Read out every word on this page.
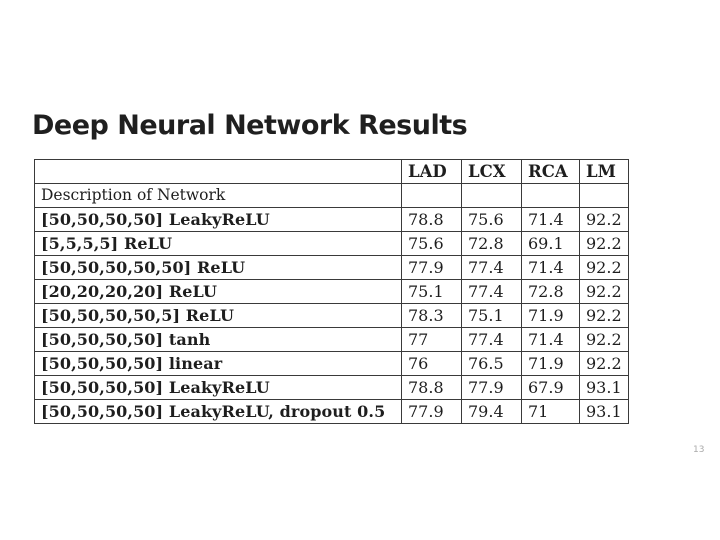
Deep Neural Network Results
	LAD	LCX	RCA	LM
Description of Network				
[50,50,50,50] LeakyReLU	78.8	75.6	71.4	92.2
[5,5,5,5] ReLU	75.6	72.8	69.1	92.2
[50,50,50,50,50] ReLU	77.9	77.4	71.4	92.2
[20,20,20,20] ReLU	75.1	77.4	72.8	92.2
[50,50,50,50,5] ReLU	78.3	75.1	71.9	92.2
[50,50,50,50] tanh	77	77.4	71.4	92.2
[50,50,50,50] linear	76	76.5	71.9	92.2
[50,50,50,50] LeakyReLU	78.8	77.9	67.9	93.1
[50,50,50,50] LeakyReLU, dropout 0.5	77.9	79.4	71	93.1
13
